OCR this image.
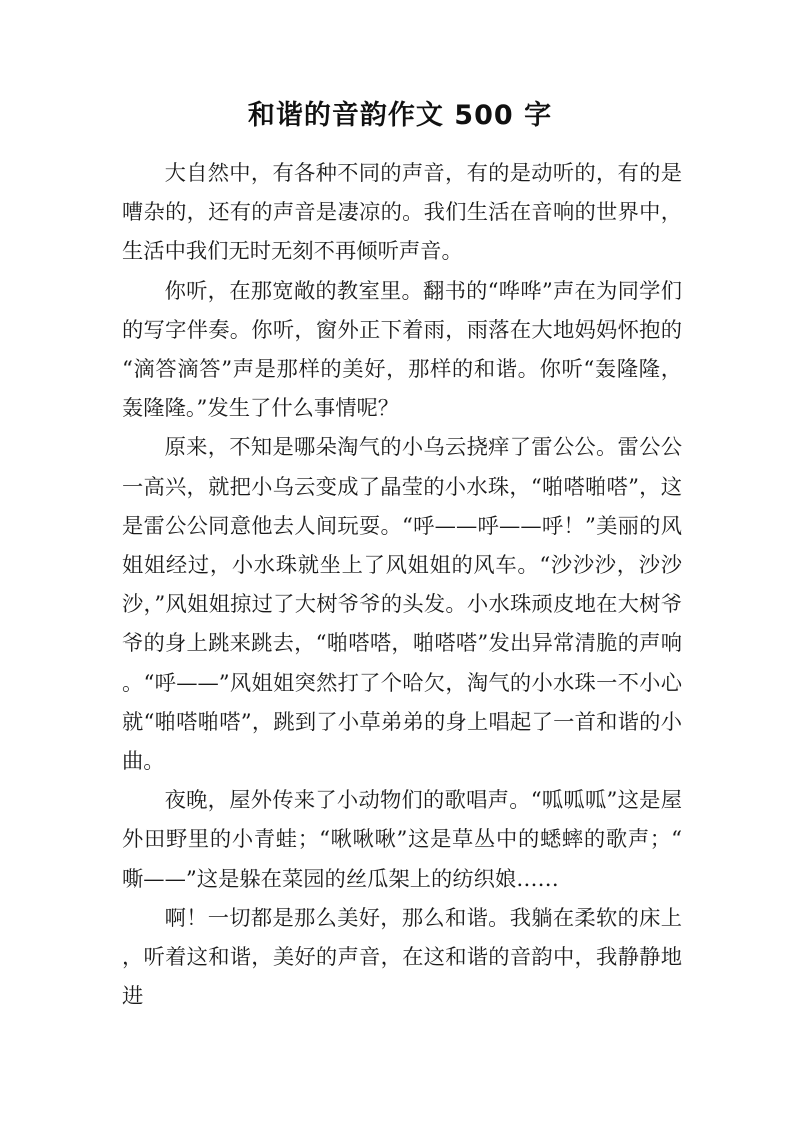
和谐的音韵作文 500 字

大自然中，有各种不同的声音，有的是动听的，有的是嘈杂的，还有的声音是凄凉的。我们生活在音响的世界中，生活中我们无时无刻不再倾听声音。

你听，在那宽敞的教室里。翻书的“哗哗”声在为同学们的写字伴奏。你听，窗外正下着雨，雨落在大地妈妈怀抱的“滴答滴答”声是那样的美好，那样的和谐。你听“轰隆隆，轰隆隆。”发生了什么事情呢？

原来，不知是哪朵淘气的小乌云挠痒了雷公公。雷公公一高兴，就把小乌云变成了晶莹的小水珠，“啪嗒啪嗒”，这是雷公公同意他去人间玩耍。“呼——呼——呼！”美丽的风姐姐经过，小水珠就坐上了风姐姐的风车。“沙沙沙，沙沙沙，”风姐姐掠过了大树爷爷的头发。小水珠顽皮地在大树爷爷的身上跳来跳去，“啪嗒嗒，啪嗒嗒”发出异常清脆的声响。“呼——”风姐姐突然打了个哈欠，淘气的小水珠一不小心就“啪嗒啪嗒”，跳到了小草弟弟的身上唱起了一首和谐的小曲。

夜晚，屋外传来了小动物们的歌唱声。“呱呱呱”这是屋外田野里的小青蛙；“啾啾啾”这是草丛中的蟋蟀的歌声；“嘶——”这是躲在菜园的丝瓜架上的纺织娘……

啊！一切都是那么美好，那么和谐。我躺在柔软的床上，听着这和谐，美好的声音，在这和谐的音韵中，我静静地进
